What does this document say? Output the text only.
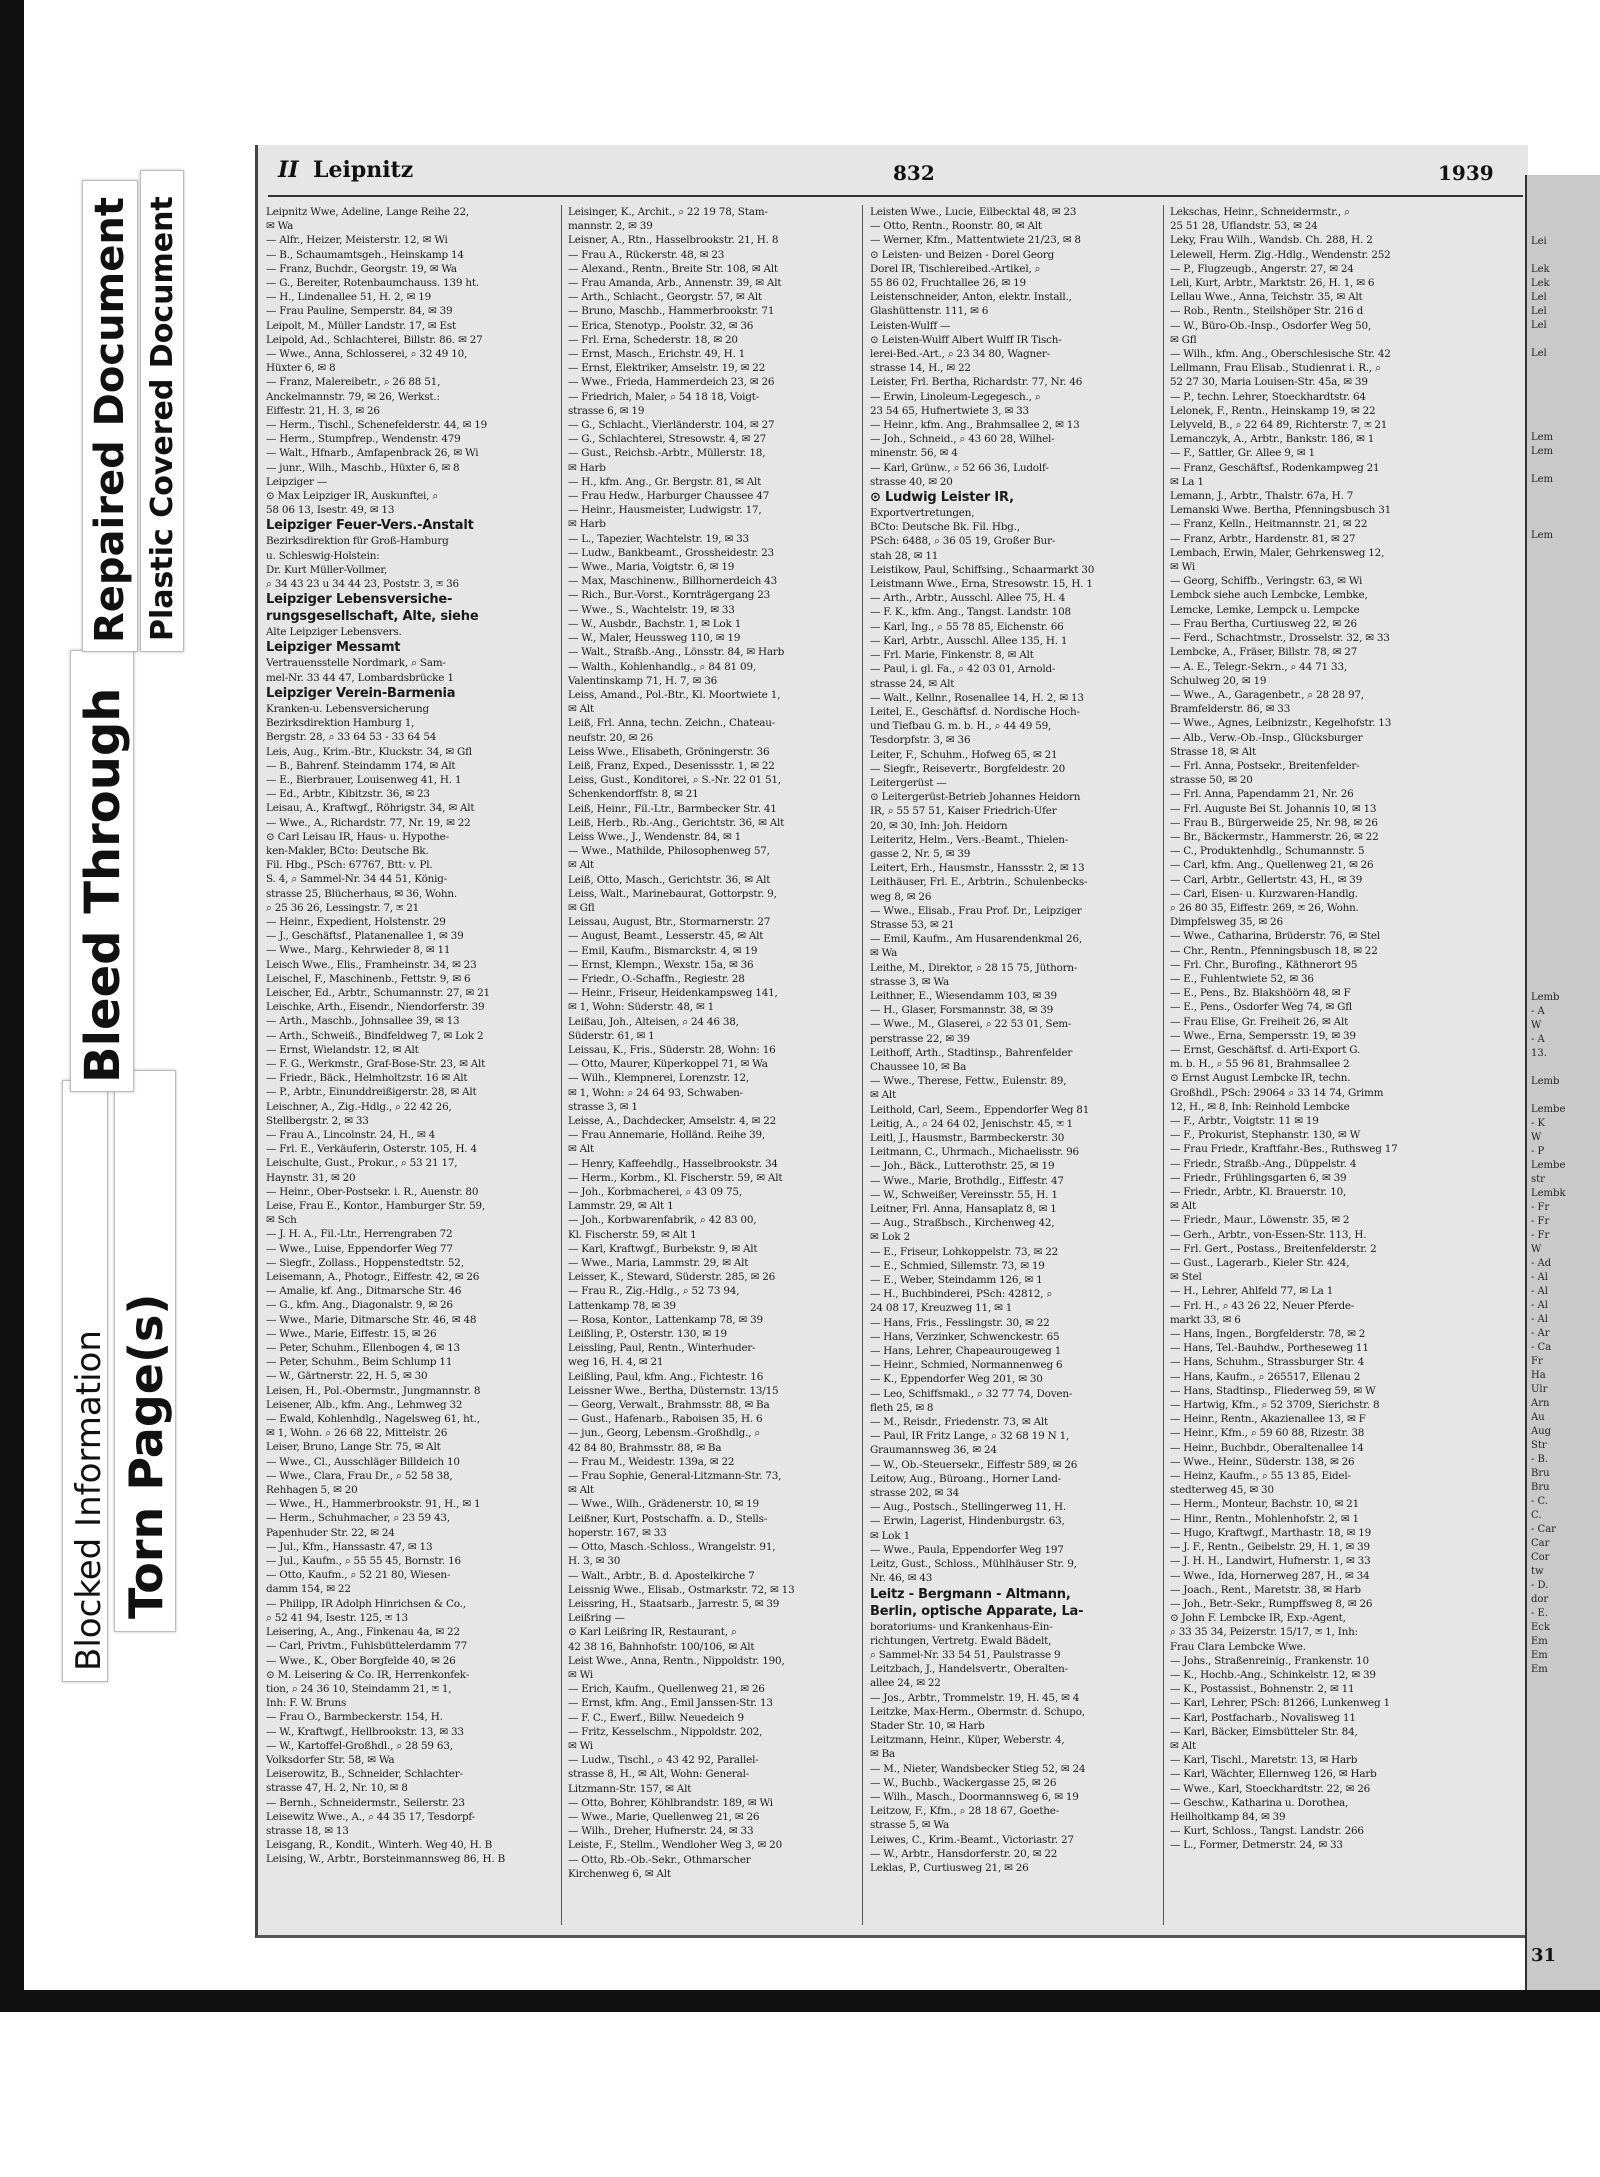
Blocked Information Torn Page(s)
Bleed Through
Repaired Document Plastic Covered Document
II Leipnitz	832	1939
Leipnitz Wwe, Adeline, Lange Reihe 22,
✉ Wa
— Alfr., Heizer, Meisterstr. 12, ✉ Wi
— B., Schaumamtsgeh., Heinskamp 14
— Franz, Buchdr., Georgstr. 19, ✉ Wa
— G., Bereiter, Rotenbaumchauss. 139 ht.
— H., Lindenallee 51, H. 2, ✉ 19
— Frau Pauline, Semperstr. 84, ✉ 39
Leipolt, M., Müller Landstr. 17, ✉ Est
Leipold, Ad., Schlachterei, Billstr. 86. ✉ 27
— Wwe., Anna, Schlosserei, ⌕ 32 49 10,
Hüxter 6, ✉ 8
— Franz, Malereibetr., ⌕ 26 88 51,
Anckelmannstr. 79, ✉ 26, Werkst.:
Eiffestr. 21, H. 3, ✉ 26
— Herm., Tischl., Schenefelderstr. 44, ✉ 19
— Herm., Stumpfrep., Wendenstr. 479
— Walt., Hfnarb., Amfapenbrack 26, ✉ Wi
— junr., Wilh., Maschb., Hüxter 6, ✉ 8
Leipziger —
⊙ Max Leipziger IR, Auskunftei, ⌕
58 06 13, Isestr. 49, ✉ 13
Leipziger Feuer-Vers.-Anstalt
Bezirksdirektion für Groß-Hamburg
u. Schleswig-Holstein:
Dr. Kurt Müller-Vollmer,
⌕ 34 43 23 u 34 44 23, Poststr. 3, ✉ 36
Leipziger Lebensversiche-
rungsgesellschaft, Alte, siehe
Alte Leipziger Lebensvers.
Leipziger Messamt
Vertrauensstelle Nordmark, ⌕ Sam-
mel-Nr. 33 44 47, Lombardsbrücke 1
Leipziger Verein-Barmenia
Kranken-u. Lebensversicherung
Bezirksdirektion Hamburg 1,
Bergstr. 28, ⌕ 33 64 53 - 33 64 54
Leis, Aug., Krim.-Btr., Kluckstr. 34, ✉ Gfl
— B., Bahrenf. Steindamm 174, ✉ Alt
— E., Bierbrauer, Louisenweg 41, H. 1
— Ed., Arbtr., Kibitzstr. 36, ✉ 23
Leisau, A., Kraftwgf., Röhrigstr. 34, ✉ Alt
— Wwe., A., Richardstr. 77, Nr. 19, ✉ 22
⊙ Carl Leisau IR, Haus- u. Hypothe-
ken-Makler, BCto: Deutsche Bk.
Fil. Hbg., PSch: 67767, Btt: v. Pl.
S. 4, ⌕ Sammel-Nr. 34 44 51, König-
strasse 25, Blücherhaus, ✉ 36, Wohn.
⌕ 25 36 26, Lessingstr. 7, ✉ 21
— Heinr., Expedient, Holstenstr. 29
— J., Geschäftsf., Platanenallee 1, ✉ 39
— Wwe., Marg., Kehrwieder 8, ✉ 11
Leisch Wwe., Elis., Framheinstr. 34, ✉ 23
Leischel, F., Maschinenb., Fettstr. 9, ✉ 6
Leischer, Ed., Arbtr., Schumannstr. 27, ✉ 21
Leischke, Arth., Eisendr., Niendorferstr. 39
— Arth., Maschb., Johnsallee 39, ✉ 13
— Arth., Schweiß., Bindfeldweg 7, ✉ Lok 2
— Ernst, Wielandstr. 12, ✉ Alt
— F. G., Werkmstr., Graf-Bose-Str. 23, ✉ Alt
— Friedr., Bäck., Helmholtzstr. 16 ✉ Alt
— P., Arbtr., Einunddreißigerstr. 28, ✉ Alt
Leischner, A., Zig.-Hdlg., ⌕ 22 42 26,
Stellbergstr. 2, ✉ 33
— Frau A., Lincolnstr. 24, H., ✉ 4
— Frl. E., Verkäuferin, Osterstr. 105, H. 4
Leischulte, Gust., Prokur., ⌕ 53 21 17,
Haynstr. 31, ✉ 20
— Heinr., Ober-Postsekr. i. R., Auenstr. 80
Leise, Frau E., Kontor., Hamburger Str. 59,
✉ Sch
— J. H. A., Fil.-Ltr., Herrengraben 72
— Wwe., Luise, Eppendorfer Weg 77
— Siegfr., Zollass., Hoppenstedtstr. 52,
Leisemann, A., Photogr., Eiffestr. 42, ✉ 26
— Amalie, kf. Ang., Ditmarsche Str. 46
— G., kfm. Ang., Diagonalstr. 9, ✉ 26
— Wwe., Marie, Ditmarsche Str. 46, ✉ 48
— Wwe., Marie, Eiffestr. 15, ✉ 26
— Peter, Schuhm., Ellenbogen 4, ✉ 13
— Peter, Schuhm., Beim Schlump 11
— W., Gärtnerstr. 22, H. 5, ✉ 30
Leisen, H., Pol.-Obermstr., Jungmannstr. 8
Leisener, Alb., kfm. Ang., Lehmweg 32
— Ewald, Kohlenhdlg., Nagelsweg 61, ht.,
✉ 1, Wohn. ⌕ 26 68 22, Mittelstr. 26
Leiser, Bruno, Lange Str. 75, ✉ Alt
— Wwe., Cl., Ausschläger Billdeich 10
— Wwe., Clara, Frau Dr., ⌕ 52 58 38,
Rehhagen 5, ✉ 20
— Wwe., H., Hammerbrookstr. 91, H., ✉ 1
— Herm., Schuhmacher, ⌕ 23 59 43,
Papenhuder Str. 22, ✉ 24
— Jul., Kfm., Hanssastr. 47, ✉ 13
— Jul., Kaufm., ⌕ 55 55 45, Bornstr. 16
— Otto, Kaufm., ⌕ 52 21 80, Wiesen-
damm 154, ✉ 22
— Philipp, IR Adolph Hinrichsen & Co.,
⌕ 52 41 94, Isestr. 125, ✉ 13
Leisering, A., Ang., Finkenau 4a, ✉ 22
— Carl, Privtm., Fuhlsbüttelerdamm 77
— Wwe., K., Ober Borgfelde 40, ✉ 26
⊙ M. Leisering & Co. IR, Herrenkonfek-
tion, ⌕ 24 36 10, Steindamm 21, ✉ 1,
Inh: F. W. Bruns
— Frau O., Barmbeckerstr. 154, H.
— W., Kraftwgf., Hellbrookstr. 13, ✉ 33
— W., Kartoffel-Großhdl., ⌕ 28 59 63,
Volksdorfer Str. 58, ✉ Wa
Leiserowitz, B., Schneider, Schlachter-
strasse 47, H. 2, Nr. 10, ✉ 8
— Bernh., Schneidermstr., Seilerstr. 23
Leisewitz Wwe., A., ⌕ 44 35 17, Tesdorpf-
strasse 18, ✉ 13
Leisgang, R., Kondit., Winterh. Weg 40, H. B
Leising, W., Arbtr., Borsteinmannsweg 86, H. B
Leisinger, K., Archit., ⌕ 22 19 78, Stam-
mannstr. 2, ✉ 39
Leisner, A., Rtn., Hasselbrookstr. 21, H. 8
— Frau A., Rückerstr. 48, ✉ 23
— Alexand., Rentn., Breite Str. 108, ✉ Alt
— Frau Amanda, Arb., Annenstr. 39, ✉ Alt
— Arth., Schlacht., Georgstr. 57, ✉ Alt
— Bruno, Maschb., Hammerbrookstr. 71
— Erica, Stenotyp., Poolstr. 32, ✉ 36
— Frl. Erna, Schederstr. 18, ✉ 20
— Ernst, Masch., Erichstr. 49, H. 1
— Ernst, Elektriker, Amselstr. 19, ✉ 22
— Wwe., Frieda, Hammerdeich 23, ✉ 26
— Friedrich, Maler, ⌕ 54 18 18, Voigt-
strasse 6, ✉ 19
— G., Schlacht., Vierländerstr. 104, ✉ 27
— G., Schlachterei, Stresowstr. 4, ✉ 27
— Gust., Reichsb.-Arbtr., Müllerstr. 18,
✉ Harb
— H., kfm. Ang., Gr. Bergstr. 81, ✉ Alt
— Frau Hedw., Harburger Chaussee 47
— Heinr., Hausmeister, Ludwigstr. 17,
✉ Harb
— L., Tapezier, Wachtelstr. 19, ✉ 33
— Ludw., Bankbeamt., Grossheidestr. 23
— Wwe., Maria, Voigtstr. 6, ✉ 19
— Max, Maschinenw., Billhornerdeich 43
— Rich., Bur.-Vorst., Kornträgergang 23
— Wwe., S., Wachtelstr. 19, ✉ 33
— W., Ausbdr., Bachstr. 1, ✉ Lok 1
— W., Maler, Heussweg 110, ✉ 19
— Walt., Straßb.-Ang., Lönsstr. 84, ✉ Harb
— Walth., Kohlenhandlg., ⌕ 84 81 09,
Valentinskamp 71, H. 7, ✉ 36
Leiss, Amand., Pol.-Btr., Kl. Moortwiete 1,
✉ Alt
Leiß, Frl. Anna, techn. Zeichn., Chateau-
neufstr. 20, ✉ 26
Leiss Wwe., Elisabeth, Gröningerstr. 36
Leiß, Franz, Exped., Desenissstr. 1, ✉ 22
Leiss, Gust., Konditorei, ⌕ S.-Nr. 22 01 51,
Schenkendorffstr. 8, ✉ 21
Leiß, Heinr., Fil.-Ltr., Barmbecker Str. 41
Leiß, Herb., Rb.-Ang., Gerichtstr. 36, ✉ Alt
Leiss Wwe., J., Wendenstr. 84, ✉ 1
— Wwe., Mathilde, Philosophenweg 57,
✉ Alt
Leiß, Otto, Masch., Gerichtstr. 36, ✉ Alt
Leiss, Walt., Marinebaurat, Gottorpstr. 9,
✉ Gfl
Leissau, August, Btr., Stormarnerstr. 27
— August, Beamt., Lesserstr. 45, ✉ Alt
— Emil, Kaufm., Bismarckstr. 4, ✉ 19
— Ernst, Klempn., Wexstr. 15a, ✉ 36
— Friedr., O.-Schaffn., Regiestr. 28
— Heinr., Friseur, Heidenkampsweg 141,
✉ 1, Wohn: Süderstr. 48, ✉ 1
Leißau, Joh., Alteisen, ⌕ 24 46 38,
Süderstr. 61, ✉ 1
Leissau, K., Fris., Süderstr. 28, Wohn: 16
— Otto, Maurer, Küperkoppel 71, ✉ Wa
— Wilh., Klempnerei, Lorenzstr. 12,
✉ 1, Wohn: ⌕ 24 64 93, Schwaben-
strasse 3, ✉ 1
Leisse, A., Dachdecker, Amselstr. 4, ✉ 22
— Frau Annemarie, Holländ. Reihe 39,
✉ Alt
— Henry, Kaffeehdlg., Hasselbrookstr. 34
— Herm., Korbm., Kl. Fischerstr. 59, ✉ Alt
— Joh., Korbmacherei, ⌕ 43 09 75,
Lammstr. 29, ✉ Alt 1
— Joh., Korbwarenfabrik, ⌕ 42 83 00,
Kl. Fischerstr. 59, ✉ Alt 1
— Karl, Kraftwgf., Burbekstr. 9, ✉ Alt
— Wwe., Maria, Lammstr. 29, ✉ Alt
Leisser, K., Steward, Süderstr. 285, ✉ 26
— Frau R., Zig.-Hdlg., ⌕ 52 73 94,
Lattenkamp 78, ✉ 39
— Rosa, Kontor., Lattenkamp 78, ✉ 39
Leißling, P., Osterstr. 130, ✉ 19
Leissling, Paul, Rentn., Winterhuder-
weg 16, H. 4, ✉ 21
Leißling, Paul, kfm. Ang., Fichtestr. 16
Leissner Wwe., Bertha, Düsternstr. 13/15
— Georg, Verwalt., Brahmsstr. 88, ✉ Ba
— Gust., Hafenarb., Raboisen 35, H. 6
— jun., Georg, Lebensm.-Großhdlg., ⌕
42 84 80, Brahmsstr. 88, ✉ Ba
— Frau M., Weidestr. 139a, ✉ 22
— Frau Sophie, General-Litzmann-Str. 73,
✉ Alt
— Wwe., Wilh., Grädenerstr. 10, ✉ 19
Leißner, Kurt, Postschaffn. a. D., Stells-
hoperstr. 167, ✉ 33
— Otto, Masch.-Schloss., Wrangelstr. 91,
H. 3, ✉ 30
— Walt., Arbtr., B. d. Apostelkirche 7
Leissnig Wwe., Elisab., Ostmarkstr. 72, ✉ 13
Leissring, H., Staatsarb., Jarrestr. 5, ✉ 39
Leißring —
⊙ Karl Leißring IR, Restaurant, ⌕
42 38 16, Bahnhofstr. 100/106, ✉ Alt
Leist Wwe., Anna, Rentn., Nippoldstr. 190,
✉ Wi
— Erich, Kaufm., Quellenweg 21, ✉ 26
— Ernst, kfm. Ang., Emil Janssen-Str. 13
— F. C., Ewerf., Billw. Neuedeich 9
— Fritz, Kesselschm., Nippoldstr. 202,
✉ Wi
— Ludw., Tischl., ⌕ 43 42 92, Parallel-
strasse 8, H., ✉ Alt, Wohn: General-
Litzmann-Str. 157, ✉ Alt
— Otto, Bohrer, Köhlbrandstr. 189, ✉ Wi
— Wwe., Marie, Quellenweg 21, ✉ 26
— Wilh., Dreher, Hufnerstr. 24, ✉ 33
Leiste, F., Stellm., Wendloher Weg 3, ✉ 20
— Otto, Rb.-Ob.-Sekr., Othmarscher
Kirchenweg 6, ✉ Alt
Leisten Wwe., Lucie, Eilbecktal 48, ✉ 23
— Otto, Rentn., Roonstr. 80, ✉ Alt
— Werner, Kfm., Mattentwiete 21/23, ✉ 8
⊙ Leisten- und Beizen - Dorel Georg
Dorel IR, Tischlereibed.-Artikel, ⌕
55 86 02, Fruchtallee 26, ✉ 19
Leistenschneider, Anton, elektr. Install.,
Glashüttenstr. 111, ✉ 6
Leisten-Wulff —
⊙ Leisten-Wulff Albert Wulff IR Tisch-
lerei-Bed.-Art., ⌕ 23 34 80, Wagner-
strasse 14, H., ✉ 22
Leister, Frl. Bertha, Richardstr. 77, Nr. 46
— Erwin, Linoleum-Legegesch., ⌕
23 54 65, Hufnertwiete 3, ✉ 33
— Heinr., kfm. Ang., Brahmsallee 2, ✉ 13
— Joh., Schneid., ⌕ 43 60 28, Wilhel-
minenstr. 56, ✉ 4
— Karl, Grünw., ⌕ 52 66 36, Ludolf-
strasse 40, ✉ 20
⊙ Ludwig Leister IR,
Exportvertretungen,
BCto: Deutsche Bk. Fil. Hbg.,
PSch: 6488, ⌕ 36 05 19, Großer Bur-
stah 28, ✉ 11
Leistikow, Paul, Schiffsing., Schaarmarkt 30
Leistmann Wwe., Erna, Stresowstr. 15, H. 1
— Arth., Arbtr., Ausschl. Allee 75, H. 4
— F. K., kfm. Ang., Tangst. Landstr. 108
— Karl, Ing., ⌕ 55 78 85, Eichenstr. 66
— Karl, Arbtr., Ausschl. Allee 135, H. 1
— Frl. Marie, Finkenstr. 8, ✉ Alt
— Paul, i. gl. Fa., ⌕ 42 03 01, Arnold-
strasse 24, ✉ Alt
— Walt., Kellnr., Rosenallee 14, H. 2, ✉ 13
Leitel, E., Geschäftsf. d. Nordische Hoch-
und Tiefbau G. m. b. H., ⌕ 44 49 59,
Tesdorpfstr. 3, ✉ 36
Leiter, F., Schuhm., Hofweg 65, ✉ 21
— Siegfr., Reisevertr., Borgfeldestr. 20
Leitergerüst —
⊙ Leitergerüst-Betrieb Johannes Heidorn
IR, ⌕ 55 57 51, Kaiser Friedrich-Ufer
20, ✉ 30, Inh: Joh. Heidorn
Leiteritz, Helm., Vers.-Beamt., Thielen-
gasse 2, Nr. 5, ✉ 39
Leitert, Erh., Hausmstr., Hanssstr. 2, ✉ 13
Leithäuser, Frl. E., Arbtrin., Schulenbecks-
weg 8, ✉ 26
— Wwe., Elisab., Frau Prof. Dr., Leipziger
Strasse 53, ✉ 21
— Emil, Kaufm., Am Husarendenkmal 26,
✉ Wa
Leithe, M., Direktor, ⌕ 28 15 75, Jüthorn-
strasse 3, ✉ Wa
Leithner, E., Wiesendamm 103, ✉ 39
— H., Glaser, Forsmannstr. 38, ✉ 39
— Wwe., M., Glaserei, ⌕ 22 53 01, Sem-
perstrasse 22, ✉ 39
Leithoff, Arth., Stadtinsp., Bahrenfelder
Chaussee 10, ✉ Ba
— Wwe., Therese, Fettw., Eulenstr. 89,
✉ Alt
Leithold, Carl, Seem., Eppendorfer Weg 81
Leitig, A., ⌕ 24 64 02, Jenischstr. 45, ✉ 1
Leitl, J., Hausmstr., Barmbeckerstr. 30
Leitmann, C., Uhrmach., Michaelisstr. 96
— Joh., Bäck., Lutterothstr. 25, ✉ 19
— Wwe., Marie, Brothdlg., Eiffestr. 47
— W., Schweißer, Vereinsstr. 55, H. 1
Leitner, Frl. Anna, Hansaplatz 8, ✉ 1
— Aug., Straßbsch., Kirchenweg 42,
✉ Lok 2
— E., Friseur, Lohkoppelstr. 73, ✉ 22
— E., Schmied, Sillemstr. 73, ✉ 19
— E., Weber, Steindamm 126, ✉ 1
— H., Buchbinderei, PSch: 42812, ⌕
24 08 17, Kreuzweg 11, ✉ 1
— Hans, Fris., Fesslingstr. 30, ✉ 22
— Hans, Verzinker, Schwenckestr. 65
— Hans, Lehrer, Chapeaurougeweg 1
— Heinr., Schmied, Normannenweg 6
— K., Eppendorfer Weg 201, ✉ 30
— Leo, Schiffsmakl., ⌕ 32 77 74, Doven-
fleth 25, ✉ 8
— M., Reisdr., Friedenstr. 73, ✉ Alt
— Paul, IR Fritz Lange, ⌕ 32 68 19 N 1,
Graumannsweg 36, ✉ 24
— W., Ob.-Steuersekr., Eiffestr 589, ✉ 26
Leitow, Aug., Büroang., Horner Land-
strasse 202, ✉ 34
— Aug., Postsch., Stellingerweg 11, H.
— Erwin, Lagerist, Hindenburgstr. 63,
✉ Lok 1
— Wwe., Paula, Eppendorfer Weg 197
Leitz, Gust., Schloss., Mühlhäuser Str. 9,
Nr. 46, ✉ 43
Leitz - Bergmann - Altmann,
Berlin, optische Apparate, La-
boratoriums- und Krankenhaus-Ein-
richtungen, Vertretg. Ewald Bädelt,
⌕ Sammel-Nr. 33 54 51, Paulstrasse 9
Leitzbach, J., Handelsvertr., Oberalten-
allee 24, ✉ 22
— Jos., Arbtr., Trommelstr. 19, H. 45, ✉ 4
Leitzke, Max-Herm., Obermstr. d. Schupo,
Stader Str. 10, ✉ Harb
Leitzmann, Heinr., Küper, Weberstr. 4,
✉ Ba
— M., Nieter, Wandsbecker Stieg 52, ✉ 24
— W., Buchb., Wackergasse 25, ✉ 26
— Wilh., Masch., Doormannsweg 6, ✉ 19
Leitzow, F., Kfm., ⌕ 28 18 67, Goethe-
strasse 5, ✉ Wa
Leiwes, C., Krim.-Beamt., Victoriastr. 27
— W., Arbtr., Hansdorferstr. 20, ✉ 22
Leklas, P., Curtiusweg 21, ✉ 26
Lekschas, Heinr., Schneidermstr., ⌕
25 51 28, Uflandstr. 53, ✉ 24
Leky, Frau Wilh., Wandsb. Ch. 288, H. 2
Lelewell, Herm. Zig.-Hdlg., Wendenstr. 252
— P., Flugzeugb., Angerstr. 27, ✉ 24
Leli, Kurt, Arbtr., Marktstr. 26, H. 1, ✉ 6
Lellau Wwe., Anna, Teichstr. 35, ✉ Alt
— Rob., Rentn., Steilshöper Str. 216 d
— W., Büro-Ob.-Insp., Osdorfer Weg 50,
✉ Gfl
— Wilh., kfm. Ang., Oberschlesische Str. 42
Lellmann, Frau Elisab., Studienrat i. R., ⌕
52 27 30, Maria Louisen-Str. 45a, ✉ 39
— P., techn. Lehrer, Stoeckhardtstr. 64
Lelonek, F., Rentn., Heinskamp 19, ✉ 22
Lelyveld, B., ⌕ 22 64 89, Richterstr. 7, ✉ 21
Lemanczyk, A., Arbtr., Bankstr. 186, ✉ 1
— F., Sattler, Gr. Allee 9, ✉ 1
— Franz, Geschäftsf., Rodenkampweg 21
✉ La 1
Lemann, J., Arbtr., Thalstr. 67a, H. 7
Lemanski Wwe. Bertha, Pfenningsbusch 31
— Franz, Kelln., Heitmannstr. 21, ✉ 22
— Franz, Arbtr., Hardenstr. 81, ✉ 27
Lembach, Erwin, Maler, Gehrkensweg 12,
✉ Wi
— Georg, Schiffb., Veringstr. 63, ✉ Wi
Lembck siehe auch Lembcke, Lembke,
Lemcke, Lemke, Lempck u. Lempcke
— Frau Bertha, Curtiusweg 22, ✉ 26
— Ferd., Schachtmstr., Drosselstr. 32, ✉ 33
Lembcke, A., Fräser, Billstr. 78, ✉ 27
— A. E., Telegr.-Sekrn., ⌕ 44 71 33,
Schulweg 20, ✉ 19
— Wwe., A., Garagenbetr., ⌕ 28 28 97,
Bramfelderstr. 86, ✉ 33
— Wwe., Agnes, Leibnizstr., Kegelhofstr. 13
— Alb., Verw.-Ob.-Insp., Glücksburger
Strasse 18, ✉ Alt
— Frl. Anna, Postsekr., Breitenfelder-
strasse 50, ✉ 20
— Frl. Anna, Papendamm 21, Nr. 26
— Frl. Auguste Bei St. Johannis 10, ✉ 13
— Frau B., Bürgerweide 25, Nr. 98, ✉ 26
— Br., Bäckermstr., Hammerstr. 26, ✉ 22
— C., Produktenhdlg., Schumannstr. 5
— Carl, kfm. Ang., Quellenweg 21, ✉ 26
— Carl, Arbtr., Gellertstr. 43, H., ✉ 39
— Carl, Eisen- u. Kurzwaren-Handlg.
⌕ 26 80 35, Eiffestr. 269, ✉ 26, Wohn.
Dimpfelsweg 35, ✉ 26
— Wwe., Catharina, Brüderstr. 76, ✉ Stel
— Chr., Rentn., Pfenningsbusch 18, ✉ 22
— Frl. Chr., Burofing., Käthnerort 95
— E., Fuhlentwiete 52, ✉ 36
— E., Pens., Bz. Blakshöörn 48, ✉ F
— E., Pens., Osdorfer Weg 74, ✉ Gfl
— Frau Elise, Gr. Freiheit 26, ✉ Alt
— Wwe., Erna, Sempersstr. 19, ✉ 39
— Ernst, Geschäftsf. d. Arti-Export G.
m. b. H., ⌕ 55 96 81, Brahmsallee 2
⊙ Ernst August Lembcke IR, techn.
Großhdl., PSch: 29064 ⌕ 33 14 74, Grimm
12, H., ✉ 8, Inh: Reinhold Lembcke
— F., Arbtr., Voigtstr. 11 ✉ 19
— F., Prokurist, Stephanstr. 130, ✉ W
— Frau Friedr., Kraftfahr.-Bes., Ruthsweg 17
— Friedr., Straßb.-Ang., Düppelstr. 4
— Friedr., Frühlingsgarten 6, ✉ 39
— Friedr., Arbtr., Kl. Brauerstr. 10,
✉ Alt
— Friedr., Maur., Löwenstr. 35, ✉ 2
— Gerh., Arbtr., von-Essen-Str. 113, H.
— Frl. Gert., Postass., Breitenfelderstr. 2
— Gust., Lagerarb., Kieler Str. 424,
✉ Stel
— H., Lehrer, Ahlfeld 77, ✉ La 1
— Frl. H., ⌕ 43 26 22, Neuer Pferde-
markt 33, ✉ 6
— Hans, Ingen., Borgfelderstr. 78, ✉ 2
— Hans, Tel.-Bauhdw., Portheseweg 11
— Hans, Schuhm., Strassburger Str. 4
— Hans, Kaufm., ⌕ 265517, Ellenau 2
— Hans, Stadtinsp., Fliederweg 59, ✉ W
— Hartwig, Kfm., ⌕ 52 3709, Sierichstr. 8
— Heinr., Rentn., Akazienallee 13, ✉ F
— Heinr., Kfm., ⌕ 59 60 88, Rizestr. 38
— Heinr., Buchbdr., Oberaltenallee 14
— Wwe., Heinr., Süderstr. 138, ✉ 26
— Heinz, Kaufm., ⌕ 55 13 85, Eidel-
stedterweg 45, ✉ 30
— Herm., Monteur, Bachstr. 10, ✉ 21
— Hinr., Rentn., Mohlenhofstr. 2, ✉ 1
— Hugo, Kraftwgf., Marthastr. 18, ✉ 19
— J. F., Rentn., Geibelstr. 29, H. 1, ✉ 39
— J. H. H., Landwirt, Hufnerstr. 1, ✉ 33
— Wwe., Ida, Hornerweg 287, H., ✉ 34
— Joach., Rent., Maretstr. 38, ✉ Harb
— Joh., Betr.-Sekr., Rumpffsweg 8, ✉ 26
⊙ John F. Lembcke IR, Exp.-Agent,
⌕ 33 35 34, Peizerstr. 15/17, ✉ 1, Inh:
Frau Clara Lembcke Wwe.
— Johs., Straßenreinig., Frankenstr. 10
— K., Hochb.-Ang., Schinkelstr. 12, ✉ 39
— K., Postassist., Bohnenstr. 2, ✉ 11
— Karl, Lehrer, PSch: 81266, Lunkenweg 1
— Karl, Postfacharb., Novalisweg 11
— Karl, Bäcker, Eimsbütteler Str. 84,
✉ Alt
— Karl, Tischl., Maretstr. 13, ✉ Harb
— Karl, Wächter, Ellernweg 126, ✉ Harb
— Wwe., Karl, Stoeckhardtstr. 22, ✉ 26
— Geschw., Katharina u. Dorothea,
Heilholtkamp 84, ✉ 39
— Kurt, Schloss., Tangst. Landstr. 266
— L., Former, Detmerstr. 24, ✉ 33
Lei
Lek
Lek
Lel
Lel
Lel
Lel
Lem
Lem
Lem
Lem
Lemb
- A
W
- A
13.
Lemb
Lembe
- K
W
- P
Lembe
str
Lembk
- Fr
- Fr
- Fr
W
- Ad
- Al
- Al
- Al
- Al
- Ar
- Ca
Fr
Ha
Ulr
Arn
Au
Aug
Str
- B.
Bru
Bru
- C.
C.
- Car
Car
Cor
tw
- D.
dor
- E.
Eck
Em
Em
Em
31
